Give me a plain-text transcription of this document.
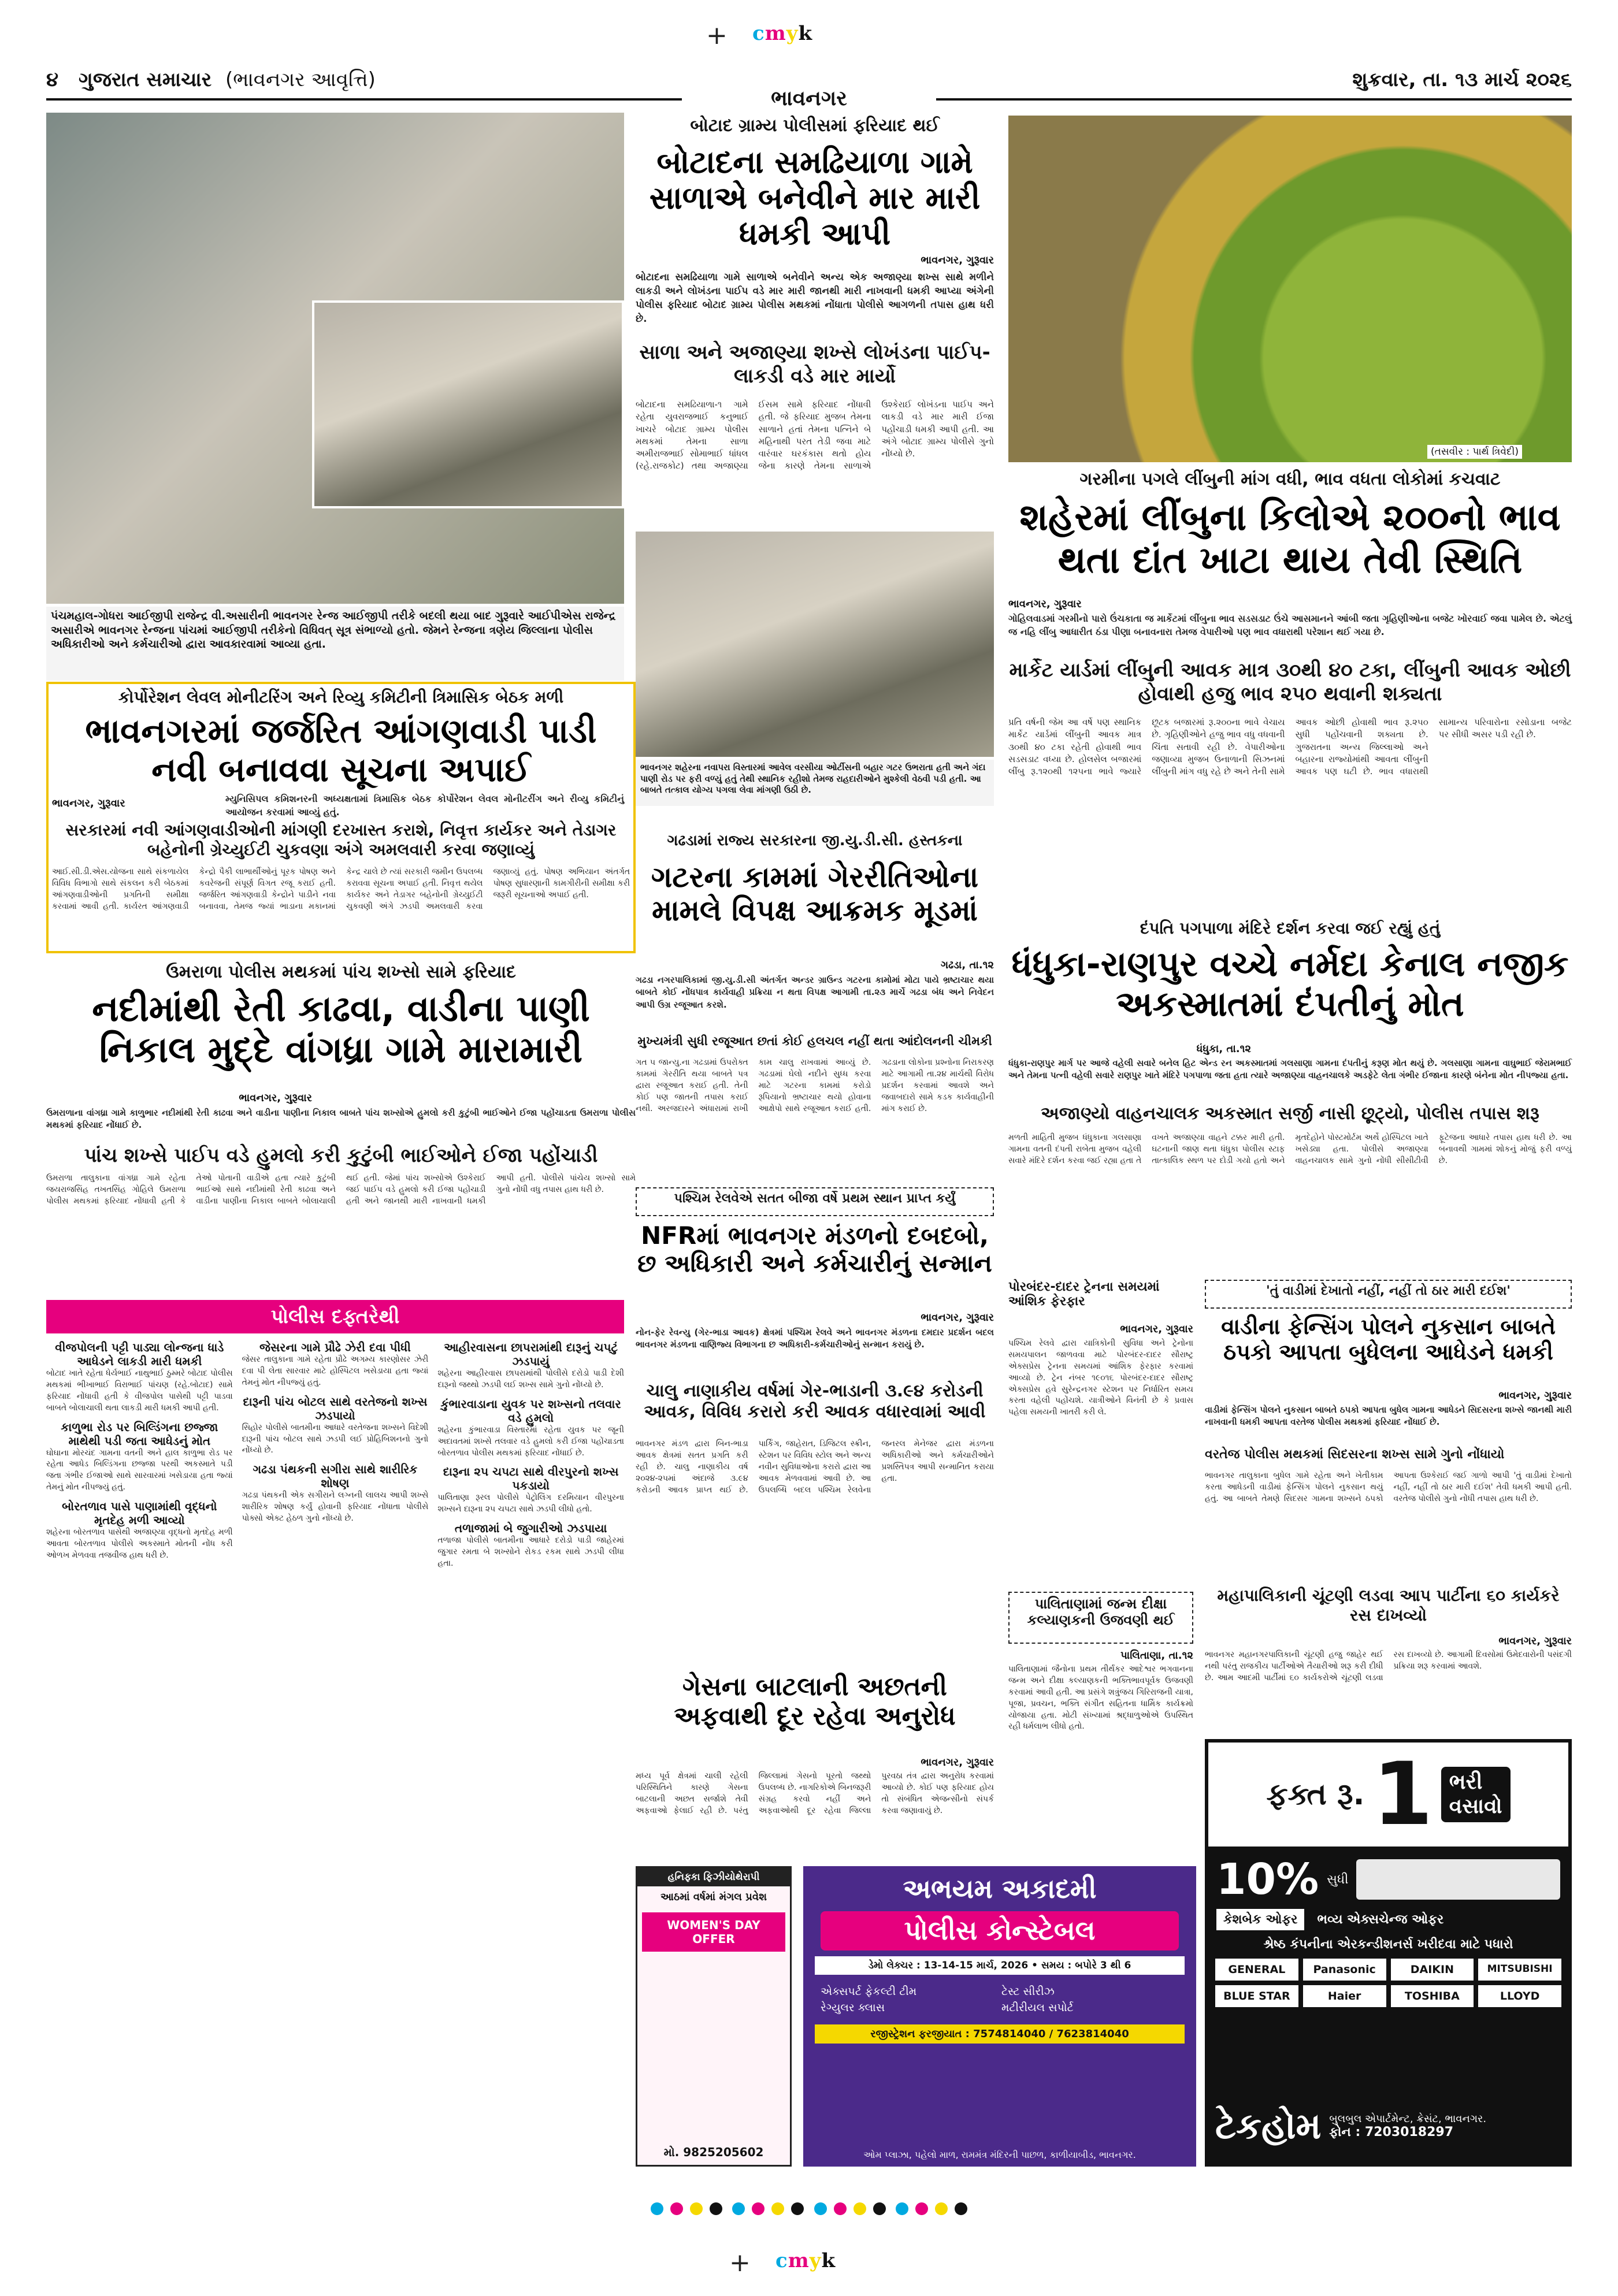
+ cmyk
૪ ગુજરાત સમાચાર (ભાવનગર આવૃત્તિ)	શુક્રવાર, તા. ૧૩ માર્ચ ૨૦૨૬
ભાવનગર
પંચમહાલ-ગોધરા આઈજીપી રાજેન્દ્ર વી.અસારીની ભાવનગર રેન્જ આઈજીપી તરીકે બદલી થયા બાદ ગુરૂવારે આઈપીએસ રાજેન્દ્ર અસારીએ ભાવનગર રેન્જના પાંચમાં આઈજીપી તરીકેનો વિધિવત્ સૂત્ર સંભાળ્યો હતો. જેમને રેન્જના ત્રણેય જિલ્લાના પોલીસ અધિકારીઓ અને કર્મચારીઓ દ્વારા આવકારવામાં આવ્યા હતા.
બોટાદ ગ્રામ્ય પોલીસમાં ફરિયાદ થઈ
બોટાદના સમઢિયાળા ગામે સાળાએ બનેવીને માર મારી ધમકી આપી
ભાવનગર, ગુરૂવાર
બોટાદના સમઢિયાળા ગામે સાળાએ બનેવીને અન્ય એક અજાણ્યા શખ્સ સાથે મળીને લાકડી અને લોખંડના પાઈપ વડે માર મારી જાનથી મારી નાખવાની ધમકી આપ્યા અંગેની પોલીસ ફરિયાદ બોટાદ ગ્રામ્ય પોલીસ મથકમાં નોંધાતા પોલીસે આગળની તપાસ હાથ ધરી છે.
સાળા અને અજાણ્યા શખ્સે લોખંડના પાઈપ-લાકડી વડે માર માર્યો
બોટાદના સમઢિયાળા-૧ ગામે રહેતા યુવરાજભાઈ કનુભાઈ ખાચરે બોટાદ ગ્રામ્ય પોલીસ મથકમાં તેમના સાળા અમીરાજભાઈ સોમાભાઈ ધાંધલ (રહે.રાજકોટ) તથા અજાણ્યા ઈસમ સામે ફરિયાદ નોંધાવી હતી. જે ફરિયાદ મુજબ તેમના સાળાને હતાં તેમના પત્નિને બે મહિનાથી પરત તેડી જવા માટે વારંવાર ઘરકંકાસ થતો હોય જેના કારણે તેમના સાળાએ ઉશ્કેરાઈ લોખંડના પાઈપ અને લાકડી વડે માર મારી ઈજા પહોંચાડી ધમકી આપી હતી. આ અંગે બોટાદ ગ્રામ્ય પોલીસે ગુનો નોંધ્યો છે.	(તસવીર : પાર્થ ત્રિવેદી)
ગરમીના પગલે લીંબુની માંગ વધી, ભાવ વધતા લોકોમાં કચવાટ
શહેરમાં લીંબુના કિલોએ ૨૦૦નો ભાવ થતા દાંત ખાટા થાય તેવી સ્થિતિ
ભાવનગર, ગુરૂવાર
ગોહિલવાડમાં ગરમીનો પારો ઉંચકાતા જ માર્કેટમાં લીંબુના ભાવ સડસડાટ ઉંચે આસમાનને આંબી જતા ગૃહિણીઓના બજેટ ખોરવાઈ જવા પામેલ છે. એટલું જ નહિ લીંબુ આધારીત ઠંડા પીણા બનાવનારા તેમજ વેપારીઓ પણ ભાવ વધારાથી પરેશાન થઈ ગયા છે.
માર્કેટ યાર્ડમાં લીંબુની આવક માત્ર ૩૦થી ૪૦ ટકા, લીંબુની આવક ઓછી હોવાથી હજુ ભાવ ૨૫૦ થવાની શક્યતા
પ્રતિ વર્ષની જેમ આ વર્ષે પણ સ્થાનિક માર્કેટ યાર્ડમાં લીંબુની આવક માત્ર ૩૦થી ૪૦ ટકા રહેતી હોવાથી ભાવ સડસડાટ વધ્યા છે. હોલસેલ બજારમાં લીંબુ રૂ.૧૨૦થી ૧૨૫ના ભાવે જ્યારે છૂટક બજારમાં રૂ.૨૦૦ના ભાવે વેચાય છે. ગૃહિણીઓને હજુ ભાવ વધુ વધવાની ચિંતા સતાવી રહી છે. વેપારીઓના જણાવ્યા મુજબ ઉનાળાની સિઝનમાં લીંબુની માંગ વધુ રહે છે અને તેની સામે આવક ઓછી હોવાથી ભાવ રૂ.૨૫૦ સુધી પહોંચવાની શક્યતા છે. ગુજરાતના અન્ય જિલ્લાઓ અને બહારના રાજ્યોમાંથી આવતા લીંબુની આવક પણ ઘટી છે. ભાવ વધારાથી સામાન્ય પરિવારોના રસોડાના બજેટ પર સીધી અસર પડી રહી છે.
કોર્પોરેશન લેવલ મોનીટરિંગ અને રિવ્યુ કમિટીની ત્રિમાસિક બેઠક મળી
ભાવનગરમાં જર્જરિત આંગણવાડી પાડી નવી બનાવવા સૂચના અપાઈ
ભાવનગર, ગુરૂવાર	મ્યુનિસિપલ કમિશનરની અધ્યક્ષતામાં ત્રિમાસિક બેઠક કોર્પોરેશન લેવલ મોનીટરીંગ અને રીવ્યુ કમિટીનું આયોજન કરવામાં આવ્યું હતું.
સરકારમાં નવી આંગણવાડીઓની માંગણી દરખાસ્ત કરાશે, નિવૃત્ત કાર્યકર અને તેડાગર બહેનોની ગ્રેચ્યુઈટી ચુકવણા અંગે અમલવારી કરવા જણાવ્યું
આઈ.સી.ડી.એસ.યોજના સાથે સંકળાયેલ વિવિધ વિભાગો સાથે સંકલન કરી બેઠકમાં આંગણવાડીઓની પ્રગતિની સમીક્ષા કરવામાં આવી હતી. કાર્યરત આંગણવાડી કેન્દ્રો પૈકી લાભાર્થીઓનું પૂરક પોષણ અને કવરેજની સંપૂર્ણ વિગત રજૂ કરાઈ હતી. જર્જરિત આંગણવાડી કેન્દ્રોને પાડીને નવા બનાવવા, તેમજ જ્યાં ભાડાના મકાનમાં કેન્દ્ર ચાલે છે ત્યાં સરકારી જમીન ઉપલબ્ધ કરાવવા સૂચના અપાઈ હતી. નિવૃત્ત થયેલ કાર્યકર અને તેડાગર બહેનોની ગ્રેચ્યુઈટી ચુકવણી અંગે ઝડપી અમલવારી કરવા જણાવ્યું હતું. પોષણ અભિયાન અંતર્ગત પોષણ સુધારણાની કામગીરીની સમીક્ષા કરી જરૂરી સૂચનાઓ અપાઈ હતી.
ભાવનગર શહેરના નવાપરા વિસ્તારમાં આવેલ વરસીયા ઓર્ટીસની બહાર ગટર ઉભરાતા હતી અને ગંદા પાણી રોડ પર ફરી વળ્યું હતું તેથી સ્થાનિક રહીશો તેમજ રાહદારીઓને મુશ્કેલી વેઠવી પડી હતી. આ બાબતે તત્કાલ યોગ્ય પગલા લેવા માંગણી ઉઠી છે.
ગઢડામાં રાજ્ય સરકારના જી.યુ.ડી.સી. હસ્તકના
ગટરના કામમાં ગેરરીતિઓના મામલે વિપક્ષ આક્રમક મૂડમાં
ગઢડા, તા.૧૨
ગઢડા નગરપાલિકામાં જી.યુ.ડી.સી અંતર્ગત અન્ડર ગ્રાઉન્ડ ગટરના કામોમાં મોટા પાયે ભ્રષ્ટાચાર થયા બાબતે કોઈ નોંધપાત્ર કાર્યવાહી પ્રક્રિયા ન થતા વિપક્ષ આગામી તા.૨૩ માર્ચે ગઢડા બંધ અને નિવેદન આપી ઉગ્ર રજૂઆત કરશે.
મુખ્યમંત્રી સુધી રજૂઆત છતાં કોઈ હલચલ નહીં થતા આંદોલનની ચીમકી
ગત ૫ જાન્યુ.ના ગઢડામાં ઉપરોક્ત કામમાં ગેરરીતિ થયા બાબતે પત્ર દ્વારા રજૂઆત કરાઈ હતી. તેની કોઈ પણ જાતની તપાસ કરાઈ નથી. અરજદારને અંધારામાં રાખી કામ ચાલુ રાખવામાં આવ્યું છે. ગઢડામાં ઘેલો નદીને સુધ્ધ કરવા માટે ગટરના કામમાં કરોડો રૂપિયાનો ભ્રષ્ટાચાર થયો હોવાના આક્ષેપો સાથે રજૂઆત કરાઈ હતી. ગઢડાના લોકોના પ્રશ્નોના નિરાકરણ માટે આગામી તા.૨૪ માર્ચથી વિરોધ પ્રદર્શન કરવામાં આવશે અને જવાબદારો સામે કડક કાર્યવાહીની માંગ કરાઈ છે.
દંપતિ પગપાળા મંદિરે દર્શન કરવા જઈ રહ્યું હતું
ધંધુકા-રાણપુર વચ્ચે નર્મદા કેનાલ નજીક અકસ્માતમાં દંપતીનું મોત
ધંધુકા, તા.૧૨
ધંધુકા-રાણપુર માર્ગ પર આજે વહેલી સવારે બનેલ હિટ એન્ડ રન અકસ્માતમાં ગલસાણા ગામના દંપતીનું કરૂણ મોત થયું છે. ગલસાણા ગામના વાઘુભાઈ જેરામભાઈ અને તેમના પત્ની વહેલી સવારે રાણપુર ખાતે મંદિરે પગપાળા જતા હતા ત્યારે અજાણ્યા વાહનચાલકે અડફેટે લેતા ગંભીર ઈજાના કારણે બંનેના મોત નીપજ્યા હતા.
અજાણ્યો વાહનચાલક અકસ્માત સર્જી નાસી છૂટ્યો, પોલીસ તપાસ શરૂ
મળતી માહિતી મુજબ ધંધુકાના ગલસાણા ગામના વતની દંપતી રાબેતા મુજબ વહેલી સવારે મંદિરે દર્શન કરવા જઈ રહ્યા હતા તે વખતે અજાણ્યા વાહને ટક્કર મારી હતી. ઘટનાની જાણ થતા ધંધુકા પોલીસ સ્ટાફ તાત્કાલિક સ્થળ પર દોડી ગયો હતો અને મૃતદેહોને પોસ્ટમોર્ટમ અર્થે હોસ્પિટલ ખાતે ખસેડ્યા હતા. પોલીસે અજાણ્યા વાહનચાલક સામે ગુનો નોંધી સીસીટીવી ફૂટેજના આધારે તપાસ હાથ ધરી છે. આ બનાવથી ગામમાં શોકનું મોજું ફરી વળ્યું છે.
ઉમરાળા પોલીસ મથકમાં પાંચ શખ્સો સામે ફરિયાદ
નદીમાંથી રેતી કાઢવા, વાડીના પાણી નિકાલ મુદ્દે વાંગધ્રા ગામે મારામારી
ભાવનગર, ગુરૂવાર
ઉમરાળાના વાંગધ્રા ગામે કાળુભાર નદીમાંથી રેતી કાઢવા અને વાડીના પાણીના નિકાલ બાબતે પાંચ શખ્સોએ હુમલો કરી કુટુંબી ભાઈઓને ઈજા પહોંચાડતા ઉમરાળા પોલીસ મથકમાં ફરિયાદ નોંધાઈ છે.
પાંચ શખ્સે પાઈપ વડે હુમલો કરી કુટુંબી ભાઈઓને ઈજા પહોંચાડી
ઉમરાળા તાલુકાના વાંગધ્રા ગામે રહેતા જયરાજસિંહ તખતસિંહ ગોહિલે ઉમરાળા પોલીસ મથકમાં ફરિયાદ નોંધાવી હતી કે તેઓ પોતાની વાડીએ હતા ત્યારે કુટુંબી ભાઈઓ સાથે નદીમાંથી રેતી કાઢવા અને વાડીના પાણીના નિકાલ બાબતે બોલાચાલી થઈ હતી. જેમાં પાંચ શખ્સોએ ઉશ્કેરાઈ જઈ પાઈપ વડે હુમલો કરી ઈજા પહોંચાડી હતી અને જાનથી મારી નાખવાની ધમકી આપી હતી. પોલીસે પાંચેય શખ્સો સામે ગુનો નોંધી વધુ તપાસ હાથ ધરી છે.
પશ્ચિમ રેલવેએ સતત બીજા વર્ષે પ્રથમ સ્થાન પ્રાપ્ત કર્યું
NFRમાં ભાવનગર મંડળનો દબદબો, છ અધિકારી અને કર્મચારીનું સન્માન
ભાવનગર, ગુરૂવાર
નોન-ફેર રેવન્યુ (ગેર-ભાડા આવક) ક્ષેત્રમાં પશ્ચિમ રેલવે અને ભાવનગર મંડળના દમદાર પ્રદર્શન બદલ ભાવનગર મંડળના વાણિજ્ય વિભાગના છ અધિકારી-કર્મચારીઓનું સન્માન કરાયું છે.
ચાલુ નાણાકીય વર્ષમાં ગેર-ભાડાની ૩.૯૪ કરોડની આવક, વિવિધ કરારો કરી આવક વધારવામાં આવી
ભાવનગર મંડળ દ્વારા બિન-ભાડા આવક ક્ષેત્રમાં સતત પ્રગતિ કરી રહી છે. ચાલુ નાણાકીય વર્ષ ૨૦૨૪-૨૫માં અંદાજે ૩.૯૪ કરોડની આવક પ્રાપ્ત થઈ છે. પાર્કિંગ, જાહેરાત, ડિજિટલ સ્ક્રીન, સ્ટેશન પર વિવિધ સ્ટોલ અને અન્ય નવીન સુવિધાઓના કરારો દ્વારા આ આવક મેળવવામાં આવી છે. આ ઉપલબ્ધિ બદલ પશ્ચિમ રેલવેના જનરલ મેનેજર દ્વારા મંડળના અધિકારીઓ અને કર્મચારીઓને પ્રશસ્તિપત્ર આપી સન્માનિત કરાયા હતા.
પોરબંદર-દાદર ટ્રેનના સમયમાં આંશિક ફેરફાર
ભાવનગર, ગુરૂવાર
પશ્ચિમ રેલવે દ્વારા યાત્રિકોની સુવિધા અને ટ્રેનોના સમયપાલન જાળવવા માટે પોરબંદર-દાદર સૌરાષ્ટ્ર એક્સપ્રેસ ટ્રેનના સમયમાં આંશિક ફેરફાર કરવામાં આવ્યો છે. ટ્રેન નંબર ૧૯૦૧૬ પોરબંદર-દાદર સૌરાષ્ટ્ર એક્સપ્રેસ હવે સુરેન્દ્રનગર સ્ટેશન પર નિર્ધારિત સમય કરતા વહેલી પહોંચશે. યાત્રીઓને વિનંતી છે કે પ્રવાસ પહેલા સમયની ખાતરી કરી લે.
પાલિતાણામાં જન્મ દીક્ષા કલ્યાણકની ઉજવણી થઈ
પાલિતાણા, તા.૧૨
પાલિતાણામાં જૈનોના પ્રથમ તીર્થંકર આદેશ્વર ભગવાનના જન્મ અને દીક્ષા કલ્યાણકની ભક્તિભાવપૂર્વક ઉજવણી કરવામાં આવી હતી. આ પ્રસંગે શત્રુંજય ગિરિરાજની યાત્રા, પૂજા, પ્રવચન, ભક્તિ સંગીત સહિતના ધાર્મિક કાર્યક્રમો યોજાયા હતા. મોટી સંખ્યામાં શ્રદ્ધાળુઓએ ઉપસ્થિત રહી ધર્મલાભ લીધો હતો.
'તું વાડીમાં દેખાતો નહીં, નહીં તો ઠાર મારી દઈશ'
વાડીના ફેન્સિંગ પોલને નુકસાન બાબતે ઠપકો આપતા બુધેલના આધેડને ધમકી
ભાવનગર, ગુરૂવાર
વાડીમાં ફેન્સિંગ પોલને નુકસાન બાબતે ઠપકો આપતા બુધેલ ગામના આધેડને સિદસરના શખ્સે જાનથી મારી નાખવાની ધમકી આપતા વરતેજ પોલીસ મથકમાં ફરિયાદ નોંધાઈ છે.
વરતેજ પોલીસ મથકમાં સિદસરના શખ્સ સામે ગુનો નોંધાયો
ભાવનગર તાલુકાના બુધેલ ગામે રહેતા અને ખેતીકામ કરતા આધેડની વાડીમાં ફેન્સિંગ પોલને નુકસાન થયું હતું. આ બાબતે તેમણે સિદસર ગામના શખ્સને ઠપકો આપતા ઉશ્કેરાઈ જઈ ગાળો આપી 'તું વાડીમાં દેખાતો નહીં, નહીં તો ઠાર મારી દઈશ' તેવી ધમકી આપી હતી. વરતેજ પોલીસે ગુનો નોંધી તપાસ હાથ ધરી છે.
ગેસના બાટલાની અછતની અફવાથી દૂર રહેવા અનુરોધ
ભાવનગર, ગુરૂવાર
મધ્ય પૂર્વ ક્ષેત્રમાં ચાલી રહેલી પરિસ્થિતિને કારણે ગેસના બાટલાની અછત સર્જાશે તેવી અફવાઓ ફેલાઈ રહી છે. પરંતુ જિલ્લામાં ગેસનો પૂરતો જથ્થો ઉપલબ્ધ છે. નાગરિકોએ બિનજરૂરી સંગ્રહ કરવો નહીં અને અફવાઓથી દૂર રહેવા જિલ્લા પુરવઠા તંત્ર દ્વારા અનુરોધ કરવામાં આવ્યો છે. કોઈ પણ ફરિયાદ હોય તો સંબંધિત એજન્સીનો સંપર્ક કરવા જણાવાયું છે.
મહાપાલિકાની ચૂંટણી લડવા આપ પાર્ટીના ૬૦ કાર્યકરે રસ દાખવ્યો
ભાવનગર, ગુરૂવાર
ભાવનગર મહાનગરપાલિકાની ચૂંટણી હજુ જાહેર થઈ નથી પરંતુ રાજકીય પાર્ટીઓએ તૈયારીઓ શરૂ કરી દીધી છે. આમ આદમી પાર્ટીમાં ૬૦ કાર્યકરોએ ચૂંટણી લડવા રસ દાખવ્યો છે. આગામી દિવસોમાં ઉમેદવારોની પસંદગી પ્રક્રિયા શરૂ કરવામાં આવશે.
પોલીસ દફ્તરેથી
વીજપોલની પટ્ટી પાડ્યા લોન્જના ધાડે આધેડને લાકડી મારી ધમકી
બોટાદ ખાતે રહેતા ધેર્યભાઈ નાથુભાઈ ઠુમ્મરે બોટાદ પોલીસ મથકમાં ભીખાભાઈ વિરાભાઈ પાંચણ (રહે.બોટાદ) સામે ફરિયાદ નોંધાવી હતી કે વીજપોલ પાસેથી પટ્ટી પાડવા બાબતે બોલાચાલી થતા લાકડી મારી ધમકી આપી હતી.
કાળુભા રોડ પર બિલ્ડિંગના છજ્જા માથેથી પડી જતા આધેડનું મોત
ઘોઘાના મોરચંદ ગામના વતની અને હાલ કાળુભા રોડ પર રહેતા આધેડ બિલ્ડિંગના છજ્જા પરથી અકસ્માતે પડી જતા ગંભીર ઈજાઓ સાથે સારવારમાં ખસેડાયા હતા જ્યાં તેમનું મોત નીપજ્યું હતું.
બોરતળાવ પાસે પાણામાંથી વૃદ્ધનો મૃતદેહ મળી આવ્યો
શહેરના બોરતળાવ પાસેથી અજાણ્યા વૃદ્ધનો મૃતદેહ મળી આવતા બોરતળાવ પોલીસે અકસ્માતે મોતની નોંધ કરી ઓળખ મેળવવા તજવીજ હાથ ધરી છે.
જેસરના ગામે પ્રૌઢે ઝેરી દવા પીધી
જેસર તાલુકાના ગામે રહેતા પ્રૌઢે અગમ્ય કારણોસર ઝેરી દવા પી લેતા સારવાર માટે હોસ્પિટલ ખસેડાયા હતા જ્યાં તેમનું મોત નીપજ્યું હતું.
દારૂની પાંચ બોટલ સાથે વરતેજનો શખ્સ ઝડપાયો
સિહોર પોલીસે બાતમીના આધારે વરતેજના શખ્સને વિદેશી દારૂની પાંચ બોટલ સાથે ઝડપી લઈ પ્રોહિબિશનનો ગુનો નોંધ્યો છે.
ગઢડા પંથકની સગીરા સાથે શારીરિક શોષણ
ગઢડા પંથકની એક સગીરાને લગ્નની લાલચ આપી શખ્સે શારીરિક શોષણ કર્યું હોવાની ફરિયાદ નોંધાતા પોલીસે પોક્સો એક્ટ હેઠળ ગુનો નોંધ્યો છે.
આહીરવાસના છાપરામાંથી દારૂનું ચપટું ઝડપાયું
શહેરના આહીરવાસ છાપરામાંથી પોલીસે દરોડો પાડી દેશી દારૂનો જથ્થો ઝડપી લઈ શખ્સ સામે ગુનો નોંધ્યો છે.
કુંભારવાડાના યુવક પર શખ્સનો તલવાર વડે હુમલો
શહેરના કુંભારવાડા વિસ્તારમાં રહેતા યુવક પર જૂની અદાવતમાં શખ્સે તલવાર વડે હુમલો કરી ઈજા પહોંચાડતા બોરતળાવ પોલીસ મથકમાં ફરિયાદ નોંધાઈ છે.
દારૂના ૨૫ ચપટા સાથે વીરપુરનો શખ્સ પકડાયો
પાલિતાણા રૂરલ પોલીસે પેટ્રોલિંગ દરમિયાન વીરપુરના શખ્સને દારૂના ૨૫ ચપટા સાથે ઝડપી લીધો હતો.
તળાજામાં બે જુગારીઓ ઝડપાયા
તળાજા પોલીસે બાતમીના આધારે દરોડો પાડી જાહેરમાં જુગાર રમતા બે શખ્સોને રોકડ રકમ સાથે ઝડપી લીધા હતા.
હનિફ્કા ફિઝીયોથેરાપી
આઠમાં વર્ષમાં મંગલ પ્રવેશ
WOMEN'S DAY OFFER
મો. 9825205602
અભયમ અકાદમી
પોલીસ કોન્સ્ટેબલ
ડેમો લેક્ચર : 13-14-15 માર્ચ, 2026 • સમય : બપોરે 3 થી 6
એક્સપર્ટ ફેકલ્ટી ટીમ	ટેસ્ટ સીરીઝ
રેગ્યુલર ક્લાસ	મટીરીયલ સપોર્ટ
રજીસ્ટ્રેશન ફરજીયાત : 7574814040 / 7623814040
ઓમ પ્લાઝા, પહેલો માળ, રામમંત્ર મંદિરની પાછળ, કાળીયાબીડ, ભાવનગર.
ફક્ત રૂ. 1 ભરી
વસાવો
10% સુધી
કેશબેક ઓફર	ભવ્ય એક્સચેન્જ ઓફર
શ્રેષ્ઠ કંપનીના એરકન્ડીશનર્સ ખરીદવા માટે પધારો
GENERAL	Panasonic	DAIKIN	MITSUBISHI
BLUE STAR	Haier	TOSHIBA	LLOYD
ટેકહોમ બુલબુલ એપાર્ટમેન્ટ, ક્રેસંટ, ભાવનગર.
ફોન : 7203018297

+ cmyk
